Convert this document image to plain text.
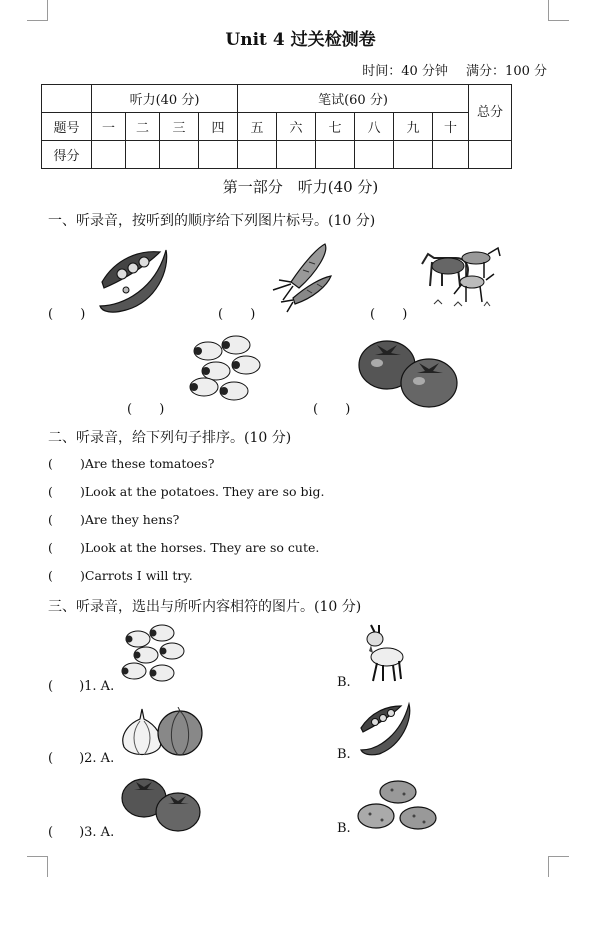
Unit 4 过关检测卷
时间：40 分钟 满分：100 分
	听力(40 分)				笔试(60 分)						总分
题号	一	二	三	四	五	六	七	八	九	十	
得分											
第一部分　听力(40 分)
一、听录音，按听到的顺序给下列图片标号。(10 分)
(　 )	(　 )	(　 )
(　 )	(　 )
二、听录音，给下列句子排序。(10 分)
( )Are these tomatoes?
( )Look at the potatoes. They are so big.
( )Are they hens?
( )Look at the horses. They are so cute.
( )Carrots I will try.
三、听录音，选出与所听内容相符的图片。(10 分)
(　　)1. A.	B.
(　　)2. A.	B.
(　　)3. A.	B.
